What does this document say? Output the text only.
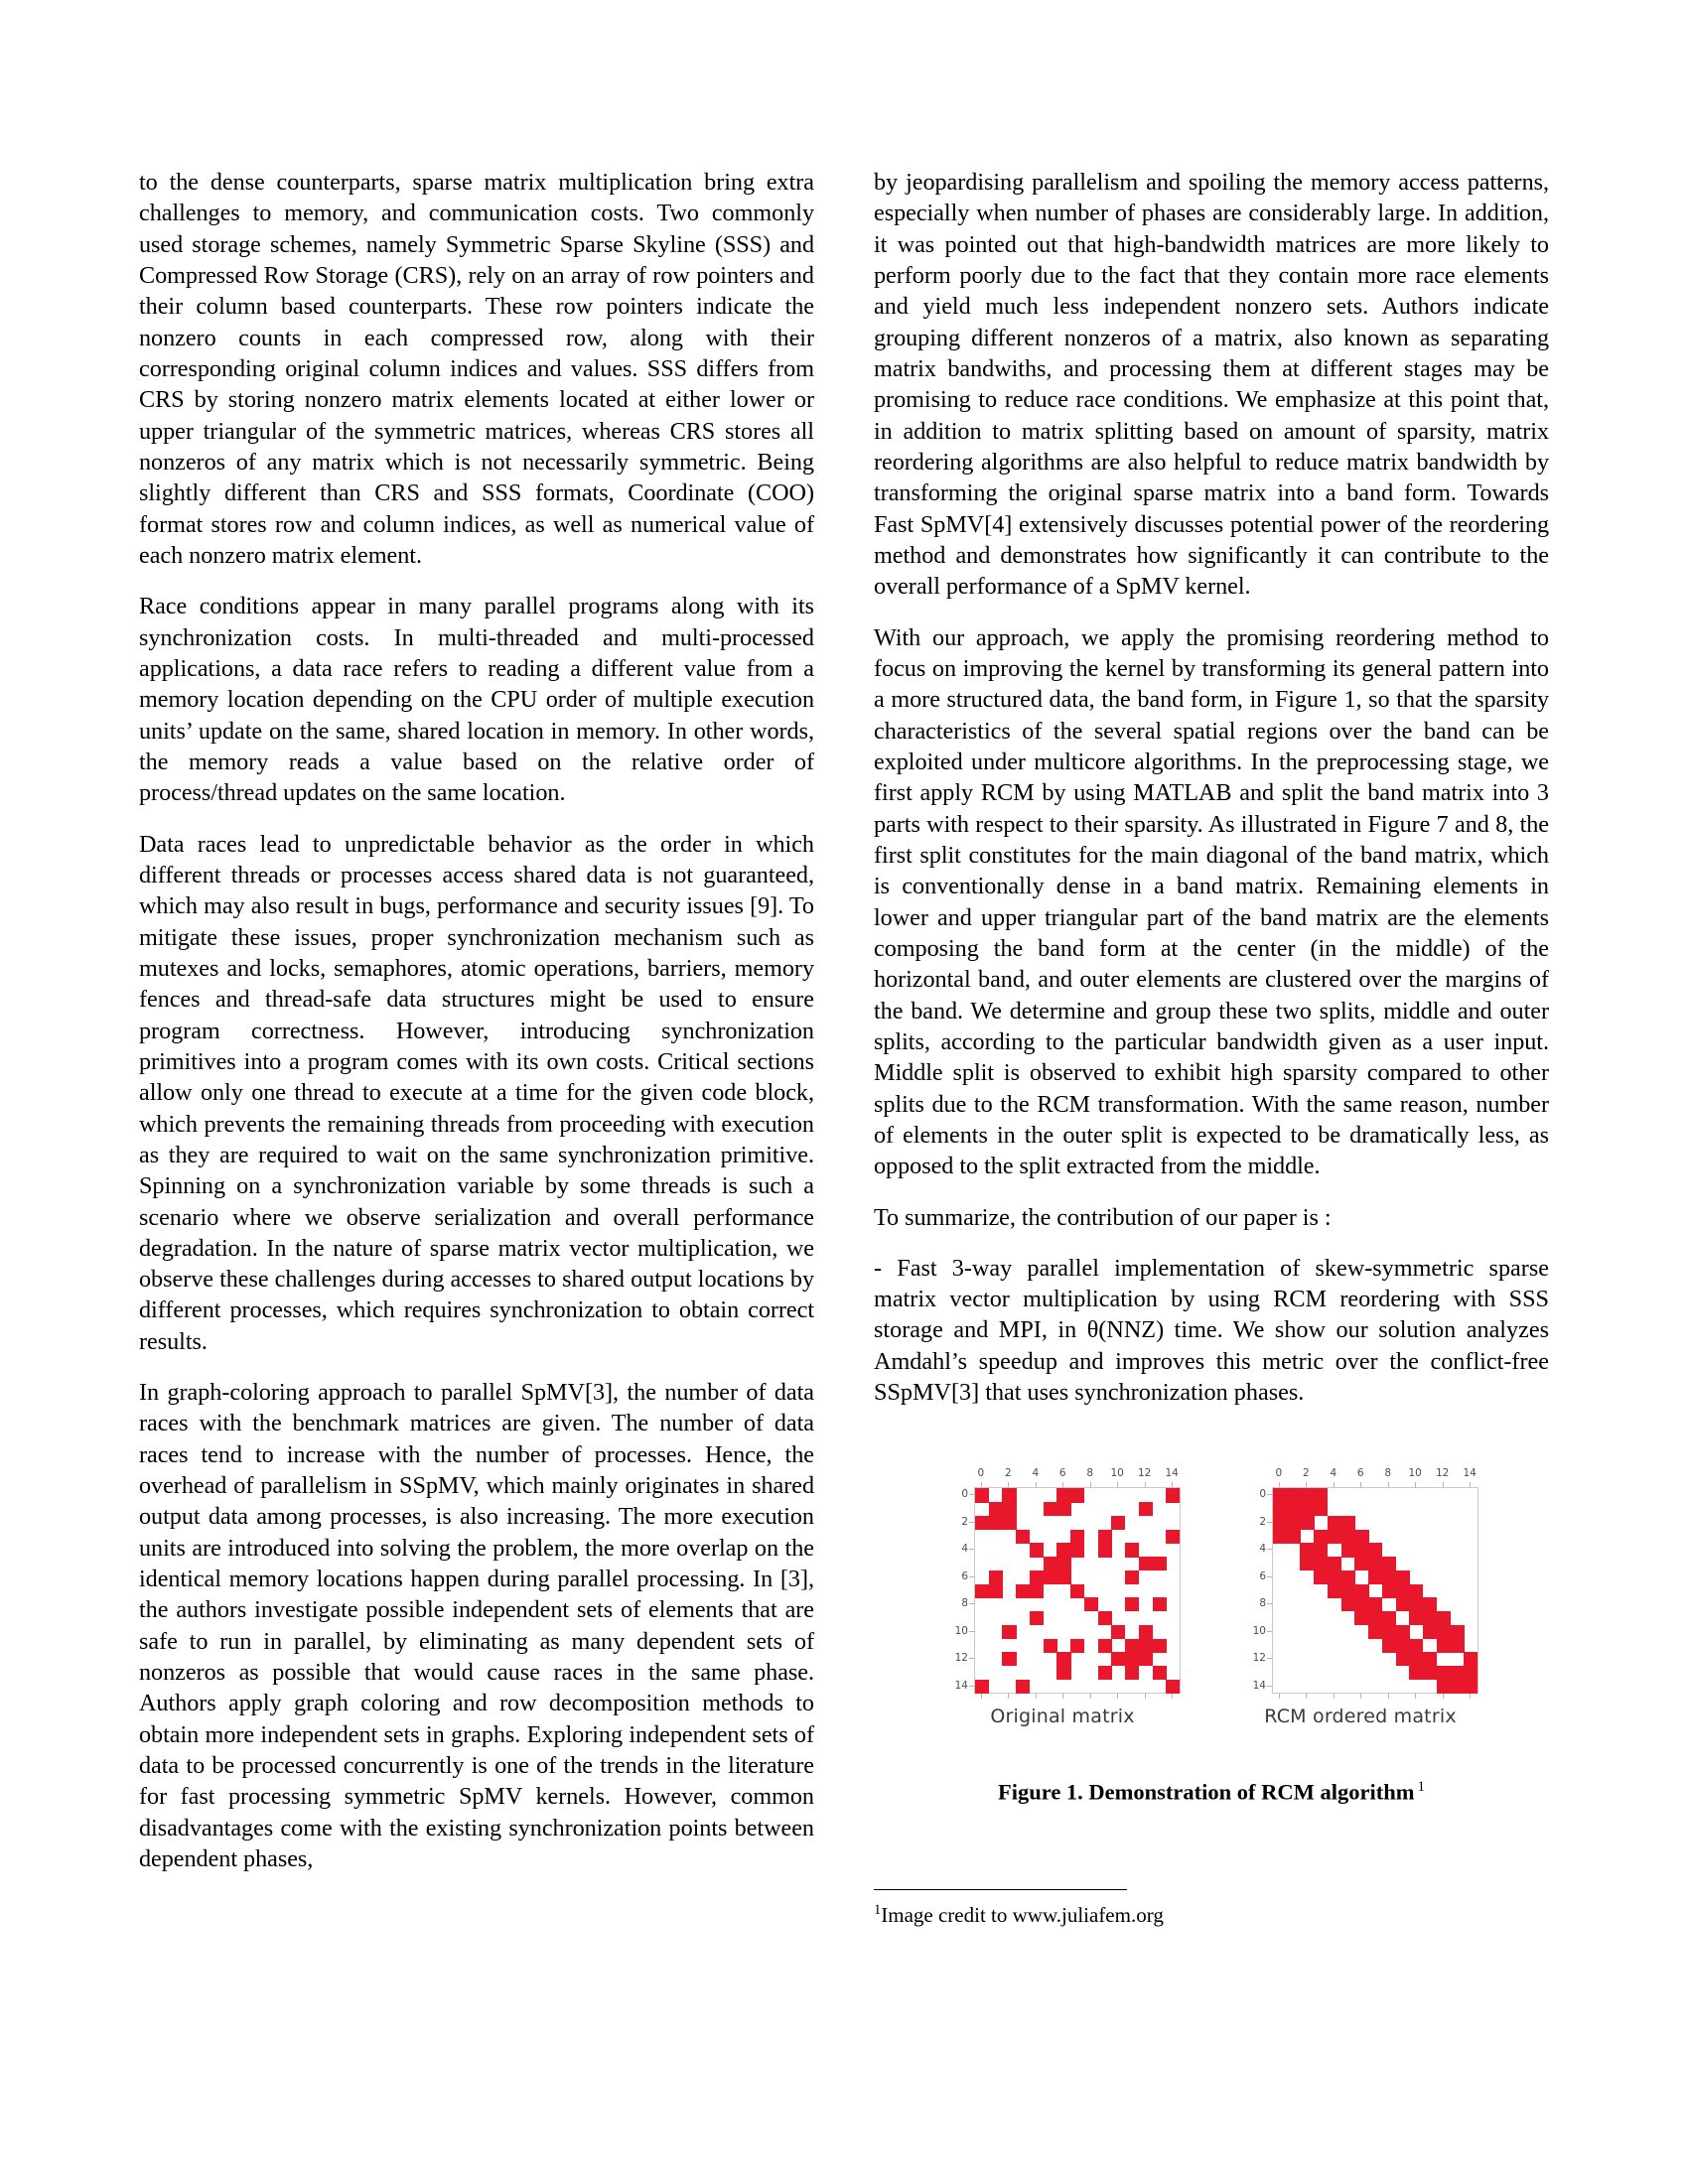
to the dense counterparts, sparse matrix multiplication bring extra challenges to memory, and communication costs. Two commonly used storage schemes, namely Symmetric Sparse Skyline (SSS) and Compressed Row Storage (CRS), rely on an array of row pointers and their column based counterparts. These row pointers indicate the nonzero counts in each compressed row, along with their corresponding original column indices and values. SSS differs from CRS by storing nonzero matrix elements located at either lower or upper triangular of the symmetric matrices, whereas CRS stores all nonzeros of any matrix which is not necessarily symmetric. Being slightly different than CRS and SSS formats, Coordinate (COO) format stores row and column indices, as well as numerical value of each nonzero matrix element.

Race conditions appear in many parallel programs along with its synchronization costs. In multi-threaded and multi-processed applications, a data race refers to reading a different value from a memory location depending on the CPU order of multiple execution units’ update on the same, shared location in memory. In other words, the memory reads a value based on the relative order of process/thread updates on the same location.

Data races lead to unpredictable behavior as the order in which different threads or processes access shared data is not guaranteed, which may also result in bugs, performance and security issues [9]. To mitigate these issues, proper synchronization mechanism such as mutexes and locks, semaphores, atomic operations, barriers, memory fences and thread-safe data structures might be used to ensure program correctness. However, introducing synchronization primitives into a program comes with its own costs. Critical sections allow only one thread to execute at a time for the given code block, which prevents the remaining threads from proceeding with execution as they are required to wait on the same synchronization primitive. Spinning on a synchronization variable by some threads is such a scenario where we observe serialization and overall performance degradation. In the nature of sparse matrix vector multiplication, we observe these challenges during accesses to shared output locations by different processes, which requires synchronization to obtain correct results.

In graph-coloring approach to parallel SpMV[3], the number of data races with the benchmark matrices are given. The number of data races tend to increase with the number of processes. Hence, the overhead of parallelism in SSpMV, which mainly originates in shared output data among processes, is also increasing. The more execution units are introduced into solving the problem, the more overlap on the identical memory locations happen during parallel processing. In [3], the authors investigate possible independent sets of elements that are safe to run in parallel, by eliminating as many dependent sets of nonzeros as possible that would cause races in the same phase. Authors apply graph coloring and row decomposition methods to obtain more independent sets in graphs. Exploring independent sets of data to be processed concurrently is one of the trends in the literature for fast processing symmetric SpMV kernels. However, common disadvantages come with the existing synchronization points between dependent phases,

by jeopardising parallelism and spoiling the memory access patterns, especially when number of phases are considerably large. In addition, it was pointed out that high-bandwidth matrices are more likely to perform poorly due to the fact that they contain more race elements and yield much less independent nonzero sets. Authors indicate grouping different nonzeros of a matrix, also known as separating matrix bandwiths, and processing them at different stages may be promising to reduce race conditions. We emphasize at this point that, in addition to matrix splitting based on amount of sparsity, matrix reordering algorithms are also helpful to reduce matrix bandwidth by transforming the original sparse matrix into a band form. Towards Fast SpMV[4] extensively discusses potential power of the reordering method and demonstrates how significantly it can contribute to the overall performance of a SpMV kernel.

With our approach, we apply the promising reordering method to focus on improving the kernel by transforming its general pattern into a more structured data, the band form, in Figure 1, so that the sparsity characteristics of the several spatial regions over the band can be exploited under multicore algorithms. In the preprocessing stage, we first apply RCM by using MATLAB and split the band matrix into 3 parts with respect to their sparsity. As illustrated in Figure 7 and 8, the first split constitutes for the main diagonal of the band matrix, which is conventionally dense in a band matrix. Remaining elements in lower and upper triangular part of the band matrix are the elements composing the band form at the center (in the middle) of the horizontal band, and outer elements are clustered over the margins of the band. We determine and group these two splits, middle and outer splits, according to the particular bandwidth given as a user input. Middle split is observed to exhibit high sparsity compared to other splits due to the RCM transformation. With the same reason, number of elements in the outer split is expected to be dramatically less, as opposed to the split extracted from the middle.

To summarize, the contribution of our paper is :

- Fast 3-way parallel implementation of skew-symmetric sparse matrix vector multiplication by using RCM reordering with SSS storage and MPI, in θ(NNZ) time. We show our solution analyzes Amdahl’s speedup and improves this metric over the conflict-free SSpMV[3] that uses synchronization phases.

0 2 4 6 8 10 12 14
0
2
4
6
8
10
12
14
Original matrix
0 2 4 6 8 10 12 14
0
2
4
6
8
10
12
14
RCM ordered matrix
Figure 1. Demonstration of RCM algorithm $^1$
$^1$Image credit to www.juliafem.org
